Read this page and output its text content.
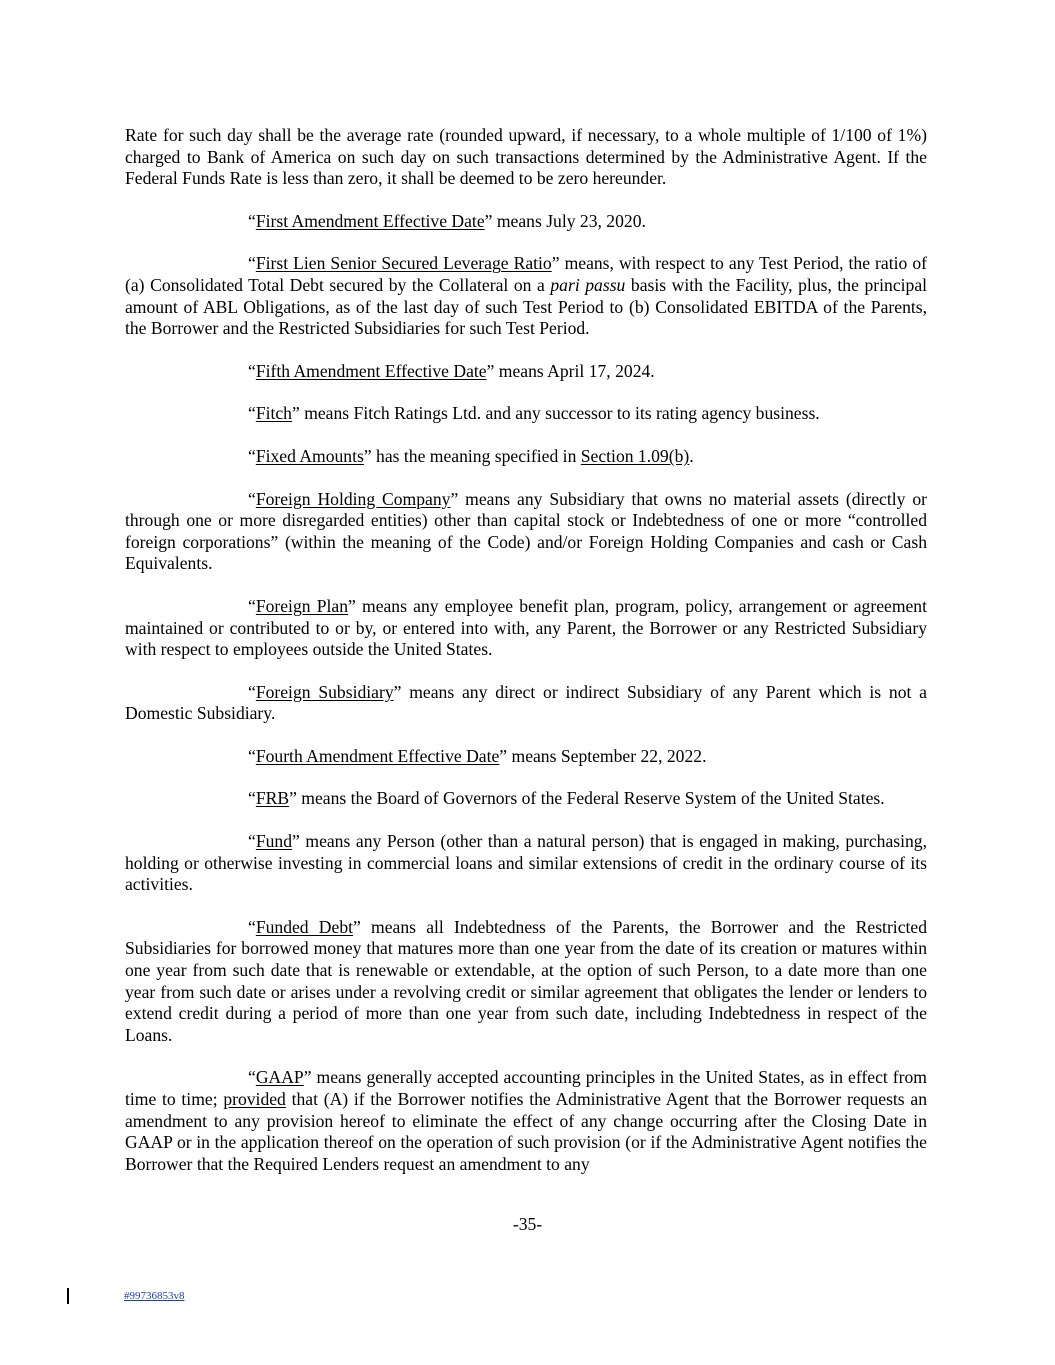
Rate for such day shall be the average rate (rounded upward, if necessary, to a whole multiple of 1/100 of 1%) charged to Bank of America on such day on such transactions determined by the Administrative Agent. If the Federal Funds Rate is less than zero, it shall be deemed to be zero hereunder.

“First Amendment Effective Date” means July 23, 2020.

“First Lien Senior Secured Leverage Ratio” means, with respect to any Test Period, the ratio of (a) Consolidated Total Debt secured by the Collateral on a pari passu basis with the Facility, plus, the principal amount of ABL Obligations, as of the last day of such Test Period to (b) Consolidated EBITDA of the Parents, the Borrower and the Restricted Subsidiaries for such Test Period.

“Fifth Amendment Effective Date” means April 17, 2024.

“Fitch” means Fitch Ratings Ltd. and any successor to its rating agency business.

“Fixed Amounts” has the meaning specified in Section 1.09(b).

“Foreign Holding Company” means any Subsidiary that owns no material assets (directly or through one or more disregarded entities) other than capital stock or Indebtedness of one or more “controlled foreign corporations” (within the meaning of the Code) and/or Foreign Holding Companies and cash or Cash Equivalents.

“Foreign Plan” means any employee benefit plan, program, policy, arrangement or agreement maintained or contributed to or by, or entered into with, any Parent, the Borrower or any Restricted Subsidiary with respect to employees outside the United States.

“Foreign Subsidiary” means any direct or indirect Subsidiary of any Parent which is not a Domestic Subsidiary.

“Fourth Amendment Effective Date” means September 22, 2022.

“FRB” means the Board of Governors of the Federal Reserve System of the United States.

“Fund” means any Person (other than a natural person) that is engaged in making, purchasing, holding or otherwise investing in commercial loans and similar extensions of credit in the ordinary course of its activities.

“Funded Debt” means all Indebtedness of the Parents, the Borrower and the Restricted Subsidiaries for borrowed money that matures more than one year from the date of its creation or matures within one year from such date that is renewable or extendable, at the option of such Person, to a date more than one year from such date or arises under a revolving credit or similar agreement that obligates the lender or lenders to extend credit during a period of more than one year from such date, including Indebtedness in respect of the Loans.

“GAAP” means generally accepted accounting principles in the United States, as in effect from time to time; provided that (A) if the Borrower notifies the Administrative Agent that the Borrower requests an amendment to any provision hereof to eliminate the effect of any change occurring after the Closing Date in GAAP or in the application thereof on the operation of such provision (or if the Administrative Agent notifies the Borrower that the Required Lenders request an amendment to any

-35-
#99736853v8
